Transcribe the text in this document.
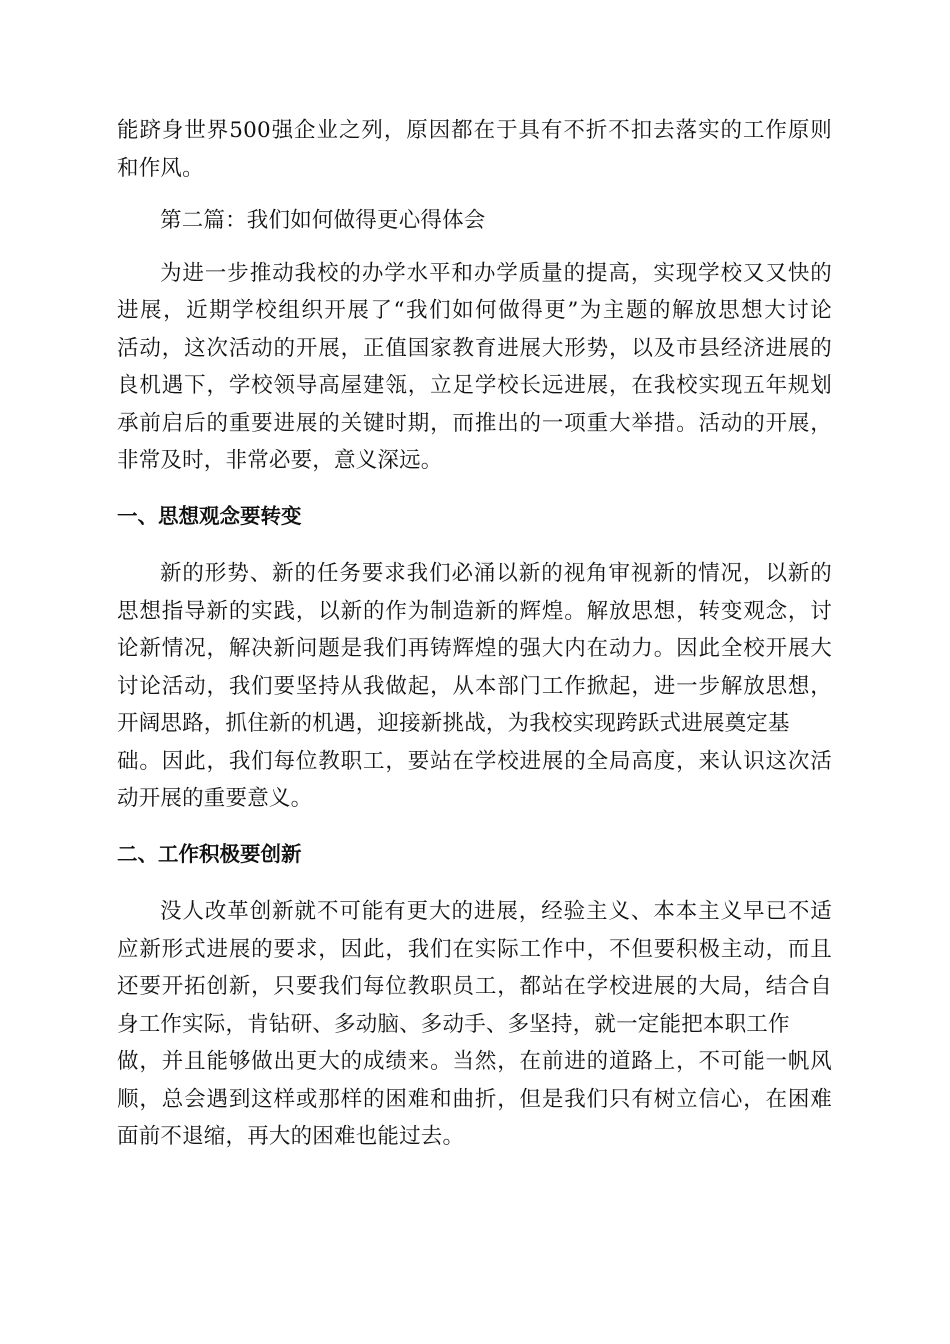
能跻身世界500强企业之列，原因都在于具有不折不扣去落实的工作原则
和作风。
第二篇：我们如何做得更心得体会
为进一步推动我校的办学水平和办学质量的提高，实现学校又又快的
进展，近期学校组织开展了“我们如何做得更”为主题的解放思想大讨论
活动，这次活动的开展，正值国家教育进展大形势，以及市县经济进展的
良机遇下，学校领导高屋建瓴，立足学校长远进展，在我校实现五年规划
承前启后的重要进展的关键时期，而推出的一项重大举措。活动的开展，
非常及时，非常必要，意义深远。
一、思想观念要转变
新的形势、新的任务要求我们必涌以新的视角审视新的情况，以新的
思想指导新的实践，以新的作为制造新的辉煌。解放思想，转变观念，讨
论新情况，解决新问题是我们再铸辉煌的强大内在动力。因此全校开展大
讨论活动，我们要坚持从我做起，从本部门工作掀起，进一步解放思想，
开阔思路，抓住新的机遇，迎接新挑战，为我校实现跨跃式进展奠定基
础。因此，我们每位教职工，要站在学校进展的全局高度，来认识这次活
动开展的重要意义。
二、工作积极要创新
没人改革创新就不可能有更大的进展，经验主义、本本主义早已不适
应新形式进展的要求，因此，我们在实际工作中，不但要积极主动，而且
还要开拓创新，只要我们每位教职员工，都站在学校进展的大局，结合自
身工作实际，肯钻研、多动脑、多动手、多坚持，就一定能把本职工作
做，并且能够做出更大的成绩来。当然，在前进的道路上，不可能一帆风
顺，总会遇到这样或那样的困难和曲折，但是我们只有树立信心，在困难
面前不退缩，再大的困难也能过去。
